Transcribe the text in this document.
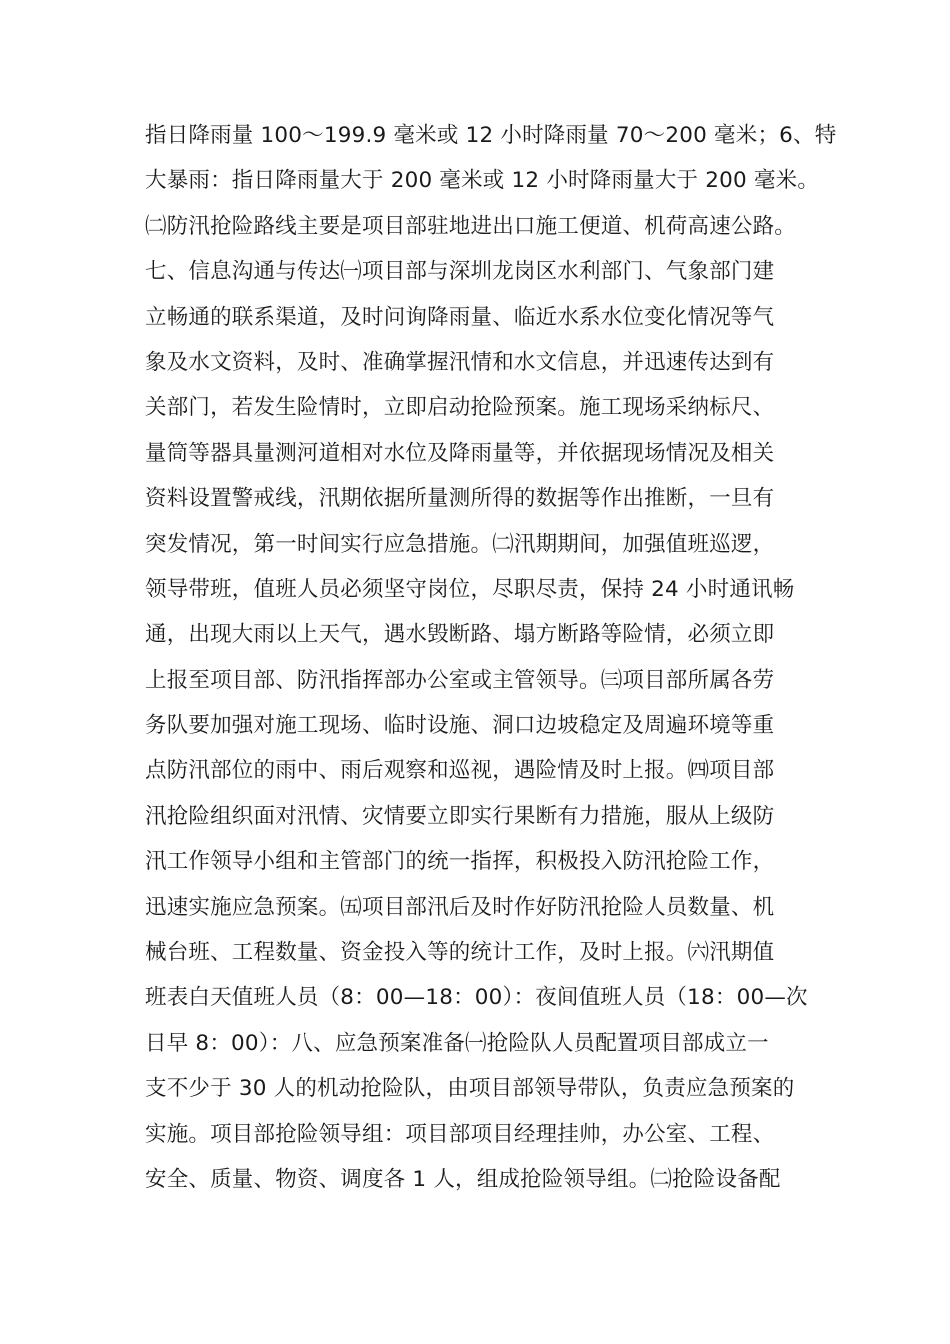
指日降雨量 100～199.9 毫米或 12 小时降雨量 70～200 毫米；6、特
大暴雨：指日降雨量大于 200 毫米或 12 小时降雨量大于 200 毫米。
㈡防汛抢险路线主要是项目部驻地进出口施工便道、机荷高速公路。
七、信息沟通与传达㈠项目部与深圳龙岗区水利部门、气象部门建
立畅通的联系渠道，及时问询降雨量、临近水系水位变化情况等气
象及水文资料，及时、准确掌握汛情和水文信息，并迅速传达到有
关部门，若发生险情时，立即启动抢险预案。施工现场采纳标尺、
量筒等器具量测河道相对水位及降雨量等，并依据现场情况及相关
资料设置警戒线，汛期依据所量测所得的数据等作出推断，一旦有
突发情况，第一时间实行应急措施。㈡汛期期间，加强值班巡逻，
领导带班，值班人员必须坚守岗位，尽职尽责，保持 24 小时通讯畅
通，出现大雨以上天气，遇水毁断路、塌方断路等险情，必须立即
上报至项目部、防汛指挥部办公室或主管领导。㈢项目部所属各劳
务队要加强对施工现场、临时设施、洞口边坡稳定及周遍环境等重
点防汛部位的雨中、雨后观察和巡视，遇险情及时上报。㈣项目部
汛抢险组织面对汛情、灾情要立即实行果断有力措施，服从上级防
汛工作领导小组和主管部门的统一指挥，积极投入防汛抢险工作，
迅速实施应急预案。㈤项目部汛后及时作好防汛抢险人员数量、机
械台班、工程数量、资金投入等的统计工作，及时上报。㈥汛期值
班表白天值班人员（8：00—18：00）：夜间值班人员（18：00—次
日早 8：00）：八、应急预案准备㈠抢险队人员配置项目部成立一
支不少于 30 人的机动抢险队，由项目部领导带队，负责应急预案的
实施。项目部抢险领导组：项目部项目经理挂帅，办公室、工程、
安全、质量、物资、调度各 1 人，组成抢险领导组。㈡抢险设备配
